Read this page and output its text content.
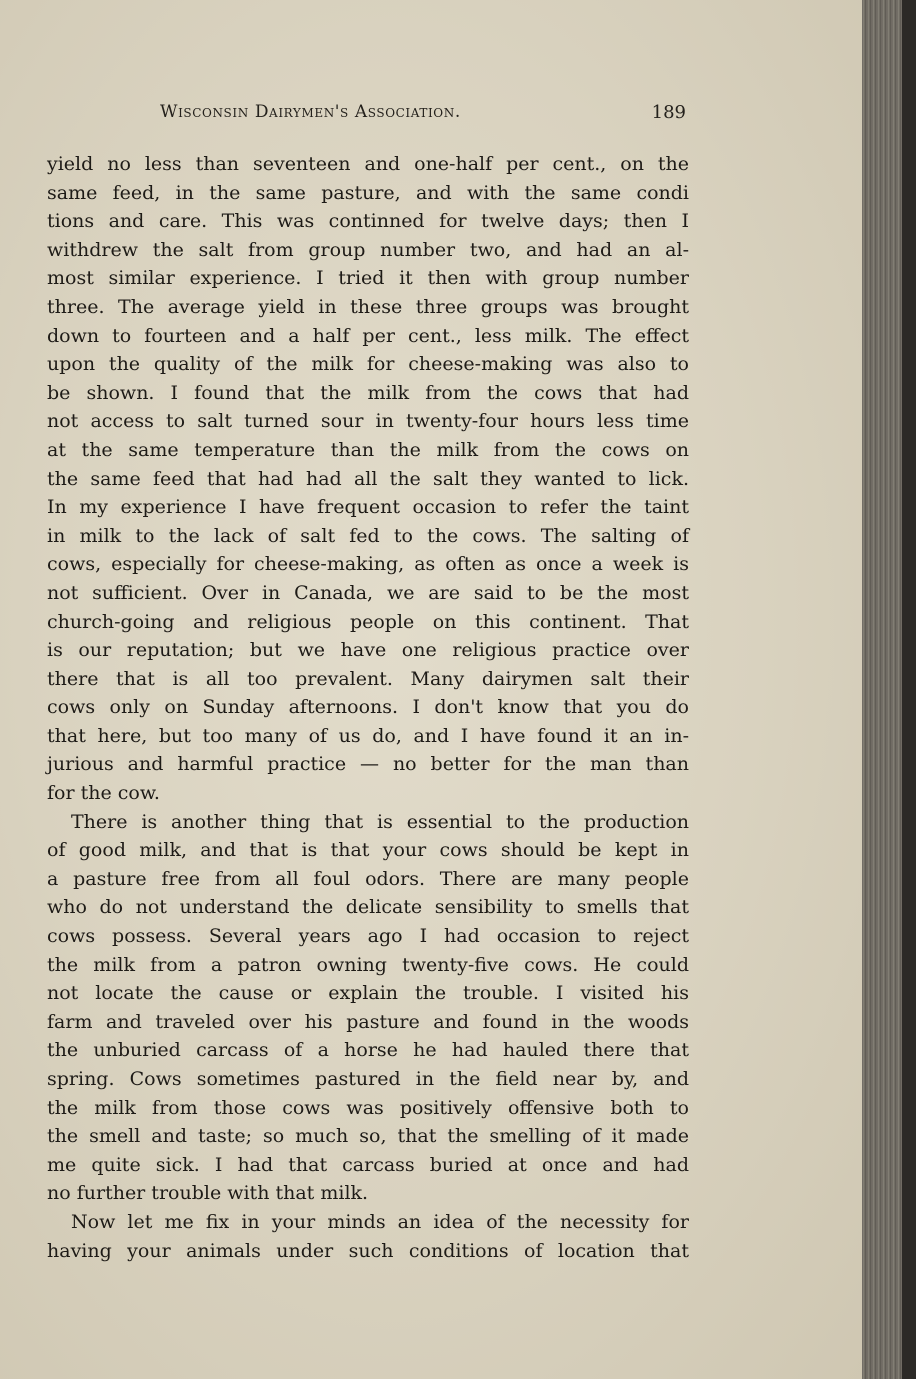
Wisconsin Dairymen's Association.	189
yield no less than seventeen and one-half per cent., on the
same feed, in the same pasture, and with the same condi
tions and care. This was continned for twelve days; then I
withdrew the salt from group number two, and had an al-
most similar experience. I tried it then with group number
three. The average yield in these three groups was brought
down to fourteen and a half per cent., less milk. The effect
upon the quality of the milk for cheese-making was also to
be shown. I found that the milk from the cows that had
not access to salt turned sour in twenty-four hours less time
at the same temperature than the milk from the cows on
the same feed that had had all the salt they wanted to lick.
In my experience I have frequent occasion to refer the taint
in milk to the lack of salt fed to the cows. The salting of
cows, especially for cheese-making, as often as once a week is
not sufficient. Over in Canada, we are said to be the most
church-going and religious people on this continent. That
is our reputation; but we have one religious practice over
there that is all too prevalent. Many dairymen salt their
cows only on Sunday afternoons. I don't know that you do
that here, but too many of us do, and I have found it an in-
jurious and harmful practice — no better for the man than
for the cow.
There is another thing that is essential to the production
of good milk, and that is that your cows should be kept in
a pasture free from all foul odors. There are many people
who do not understand the delicate sensibility to smells that
cows possess. Several years ago I had occasion to reject
the milk from a patron owning twenty-five cows. He could
not locate the cause or explain the trouble. I visited his
farm and traveled over his pasture and found in the woods
the unburied carcass of a horse he had hauled there that
spring. Cows sometimes pastured in the field near by, and
the milk from those cows was positively offensive both to
the smell and taste; so much so, that the smelling of it made
me quite sick. I had that carcass buried at once and had
no further trouble with that milk.
Now let me fix in your minds an idea of the necessity for
having your animals under such conditions of location that
